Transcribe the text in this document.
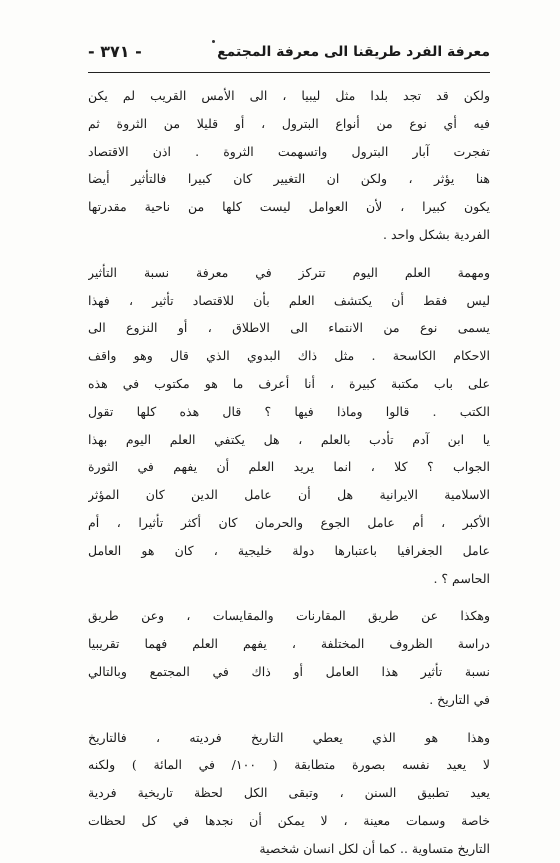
معرفة الفرد طريقنا الى معرفة المجتمع
- ٣٧١ -
ولكن قد تجد بلدا مثل ليبيا ، الى الأمس القريب لم يكن
فيه أي نوع من أنواع البترول ، أو قليلا من الثروة ثم
تفجرت آبار البترول واتسهمت الثروة . اذن الاقتصاد
هنا يؤثر ، ولكن ان التغيير كان كبيرا فالتأثير أيضا
يكون كبيرا ، لأن العوامل ليست كلها من ناحية مقدرتها
الفردية بشكل واحد .
ومهمة العلم اليوم تتركز في معرفة نسبة التأثير
ليس فقط أن يكتشف العلم بأن للاقتصاد تأثير ، فهذا
يسمى نوع من الانتماء الى الاطلاق ، أو النزوع الى
الاحكام الكاسحة . مثل ذاك البدوي الذي قال وهو واقف
على باب مكتبة كبيرة ، أنا أعرف ما هو مكتوب في هذه
الكتب . قالوا وماذا فيها ؟ قال هذه كلها تقول
يا ابن آدم تأدب بالعلم ، هل يكتفي العلم اليوم بهذا
الجواب ؟ كلا ، انما يريد العلم أن يفهم في الثورة
الاسلامية الايرانية هل أن عامل الدين كان المؤثر
الأكبر ، أم عامل الجوع والحرمان كان أكثر تأثيرا ، أم
عامل الجغرافيا باعتبارها دولة خليجية ، كان هو العامل
الحاسم ؟ .
وهكذا عن طريق المقارنات والمقايسات ، وعن طريق
دراسة الظروف المختلفة ، يفهم العلم فهما تقريبيا
نسبة تأثير هذا العامل أو ذاك في المجتمع وبالتالي
في التاريخ .
وهذا هو الذي يعطي التاريخ فرديته ، فالتاريخ
لا يعيد نفسه بصورة متطابقة ( ١٠٠/ في المائة ) ولكنه
يعيد تطبيق السنن ، وتبقى الكل لحظة تاريخية فردية
خاصة وسمات معينة ، لا يمكن أن نجدها في كل لحظات
التاريخ متساوية .. كما أن لكل انسان شخصية
